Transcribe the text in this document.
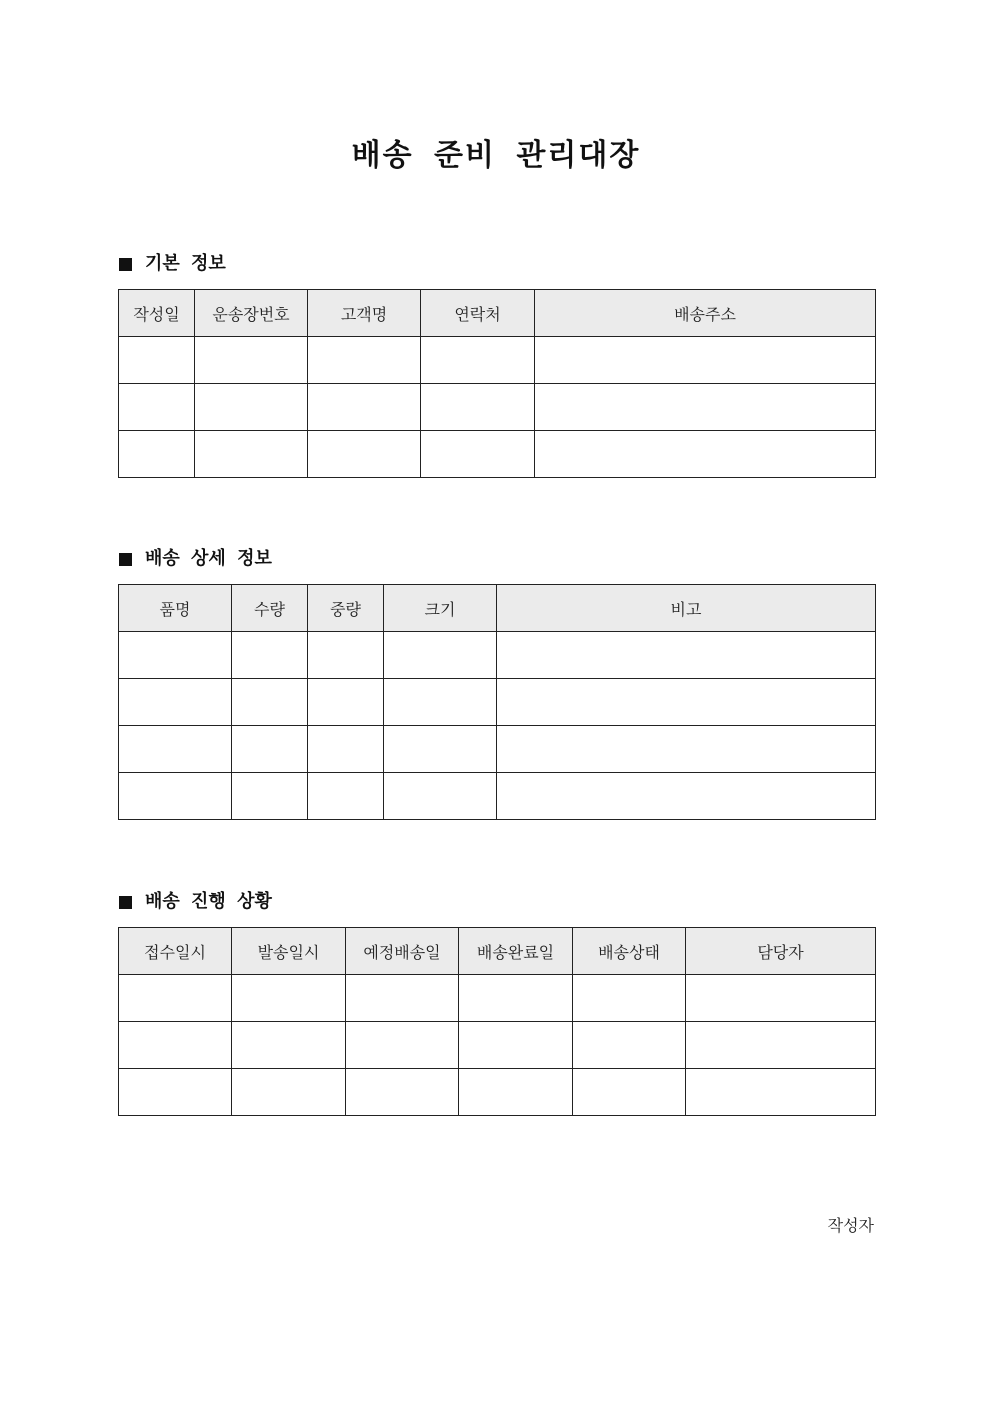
배송 준비 관리대장
기본 정보
작성일	운송장번호	고객명	연락처	배송주소

배송 상세 정보
품명	수량	중량	크기	비고

배송 진행 상황
접수일시	발송일시	예정배송일	배송완료일	배송상태	담당자

작성자
